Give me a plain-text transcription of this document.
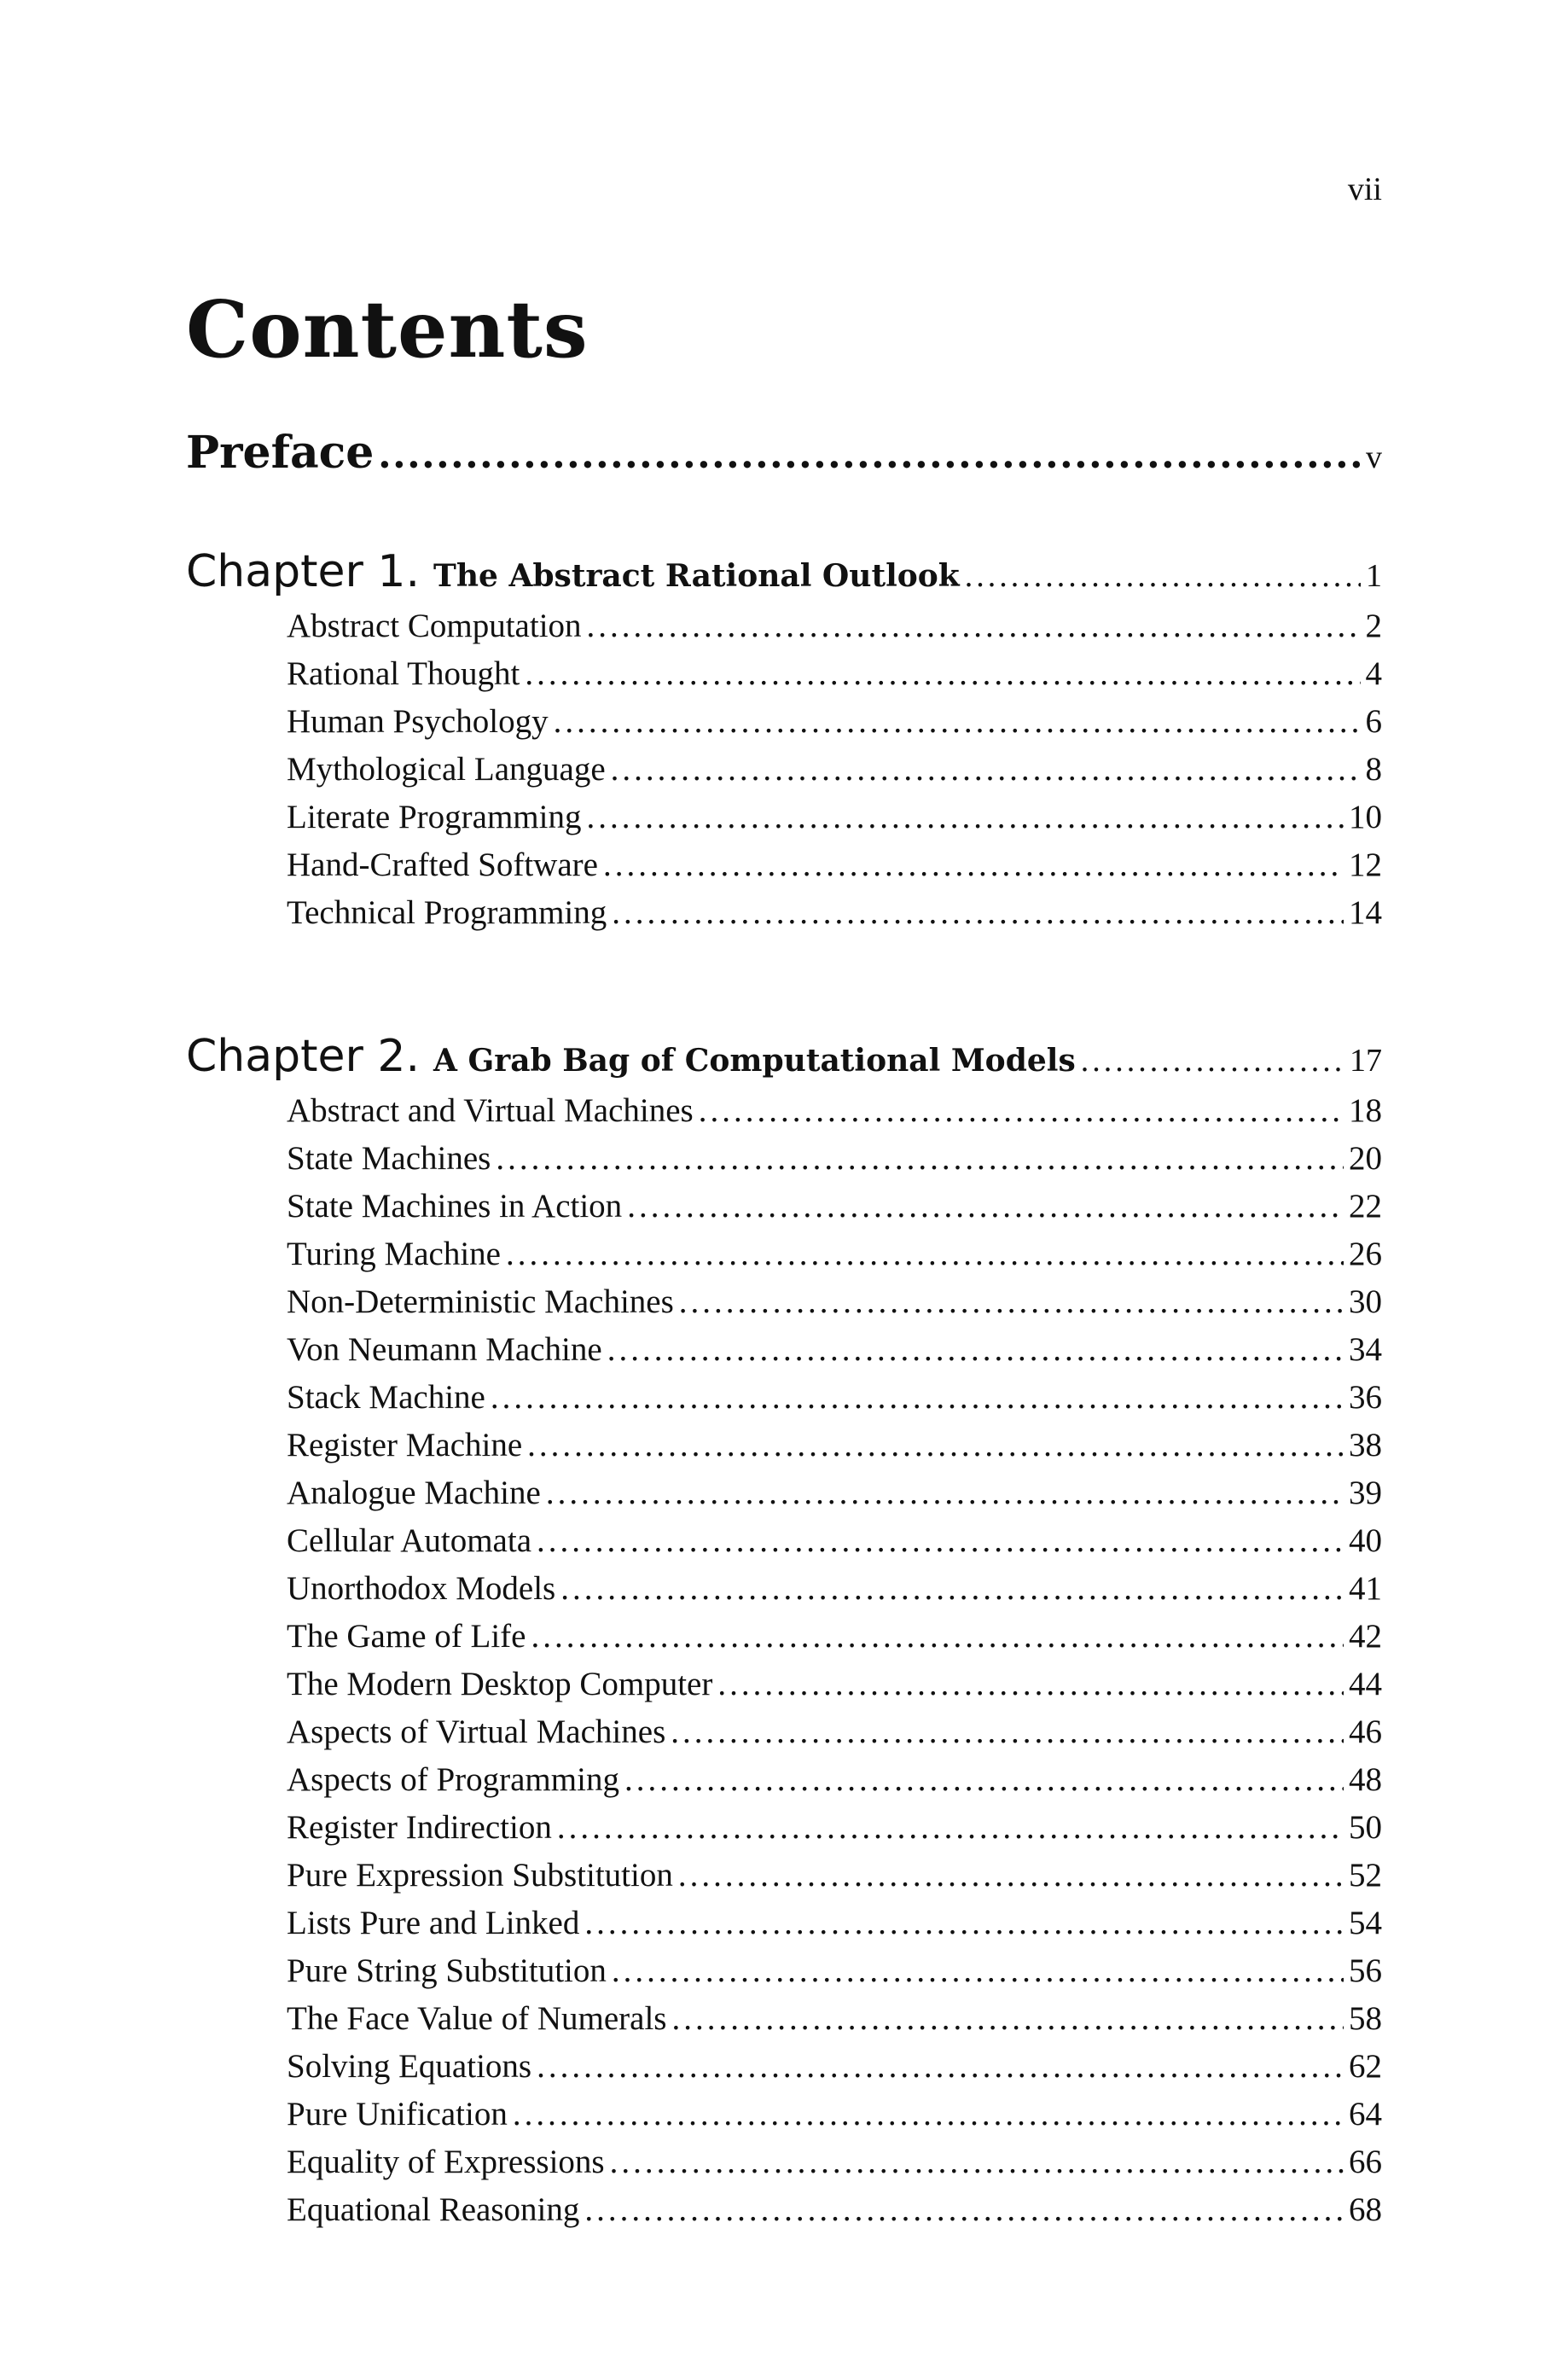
vii
Contents
Preface .....	v
Chapter 1. The Abstract Rational Outlook .....	1
Abstract Computation .....	2
Rational Thought .....	4
Human Psychology .....	6
Mythological Language .....	8
Literate Programming .....	10
Hand-Crafted Software .....	12
Technical Programming .....	14
Chapter 2. A Grab Bag of Computational Models .....	17
Abstract and Virtual Machines .....	18
State Machines .....	20
State Machines in Action .....	22
Turing Machine .....	26
Non-Deterministic Machines .....	30
Von Neumann Machine .....	34
Stack Machine .....	36
Register Machine .....	38
Analogue Machine .....	39
Cellular Automata .....	40
Unorthodox Models .....	41
The Game of Life .....	42
The Modern Desktop Computer .....	44
Aspects of Virtual Machines .....	46
Aspects of Programming .....	48
Register Indirection .....	50
Pure Expression Substitution .....	52
Lists Pure and Linked .....	54
Pure String Substitution .....	56
The Face Value of Numerals .....	58
Solving Equations .....	62
Pure Unification .....	64
Equality of Expressions .....	66
Equational Reasoning .....	68
